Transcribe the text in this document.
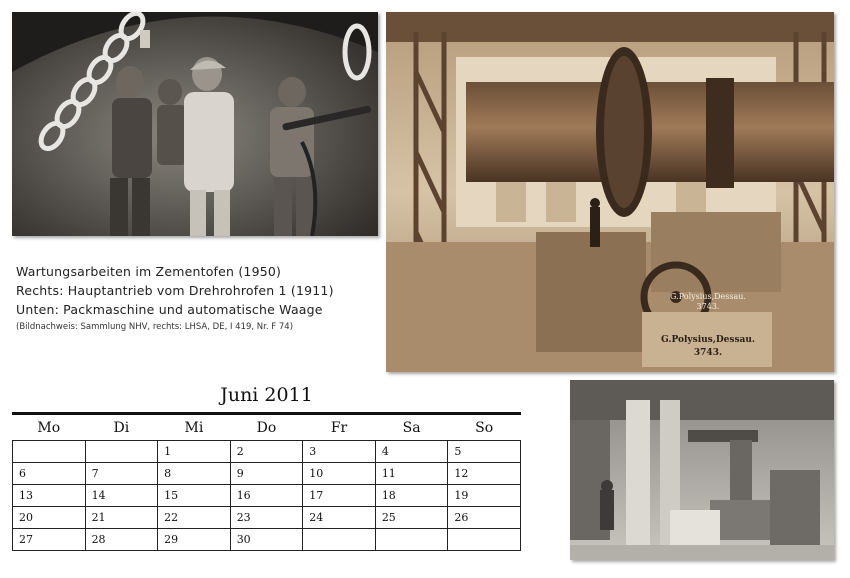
G.Polysius,Dessau.
3743.
G.Polysius,Dessau.
3743.
Wartungsarbeiten im Zementofen (1950)
Rechts: Hauptantrieb vom Drehrohrofen 1 (1911)
Unten: Packmaschine und automatische Waage
(Bildnachweis: Sammlung NHV, rechts: LHSA, DE, I 419, Nr. F 74)
Juni 2011
Mo	Di	Mi	Do	Fr	Sa	So
		1	2	3	4	5
6	7	8	9	10	11	12
13	14	15	16	17	18	19
20	21	22	23	24	25	26
27	28	29	30			
